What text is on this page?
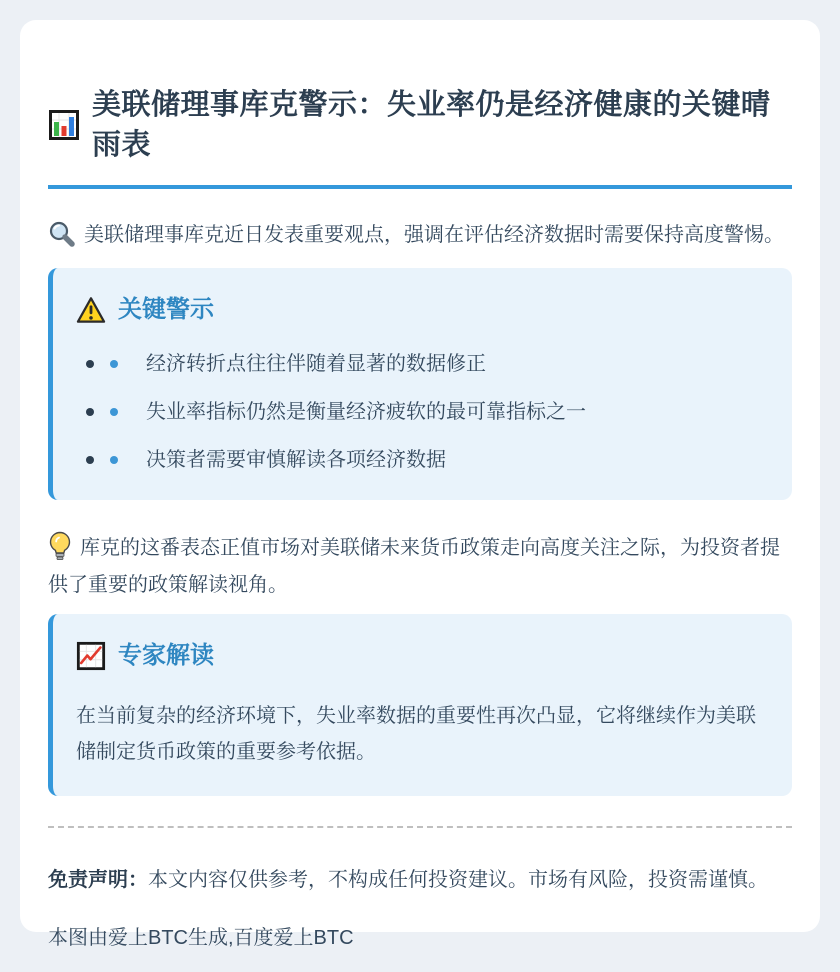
美联储理事库克警示：失业率仍是经济健康的关键晴雨表

美联储理事库克近日发表重要观点，强调在评估经济数据时需要保持高度警惕。

关键警示
经济转折点往往伴随着显著的数据修正
失业率指标仍然是衡量经济疲软的最可靠指标之一
决策者需要审慎解读各项经济数据

库克的这番表态正值市场对美联储未来货币政策走向高度关注之际，为投资者提供了重要的政策解读视角。

专家解读

在当前复杂的经济环境下，失业率数据的重要性再次凸显，它将继续作为美联储制定货币政策的重要参考依据。

免责声明：本文内容仅供参考，不构成任何投资建议。市场有风险，投资需谨慎。

本图由爱上BTC生成,百度爱上BTC
